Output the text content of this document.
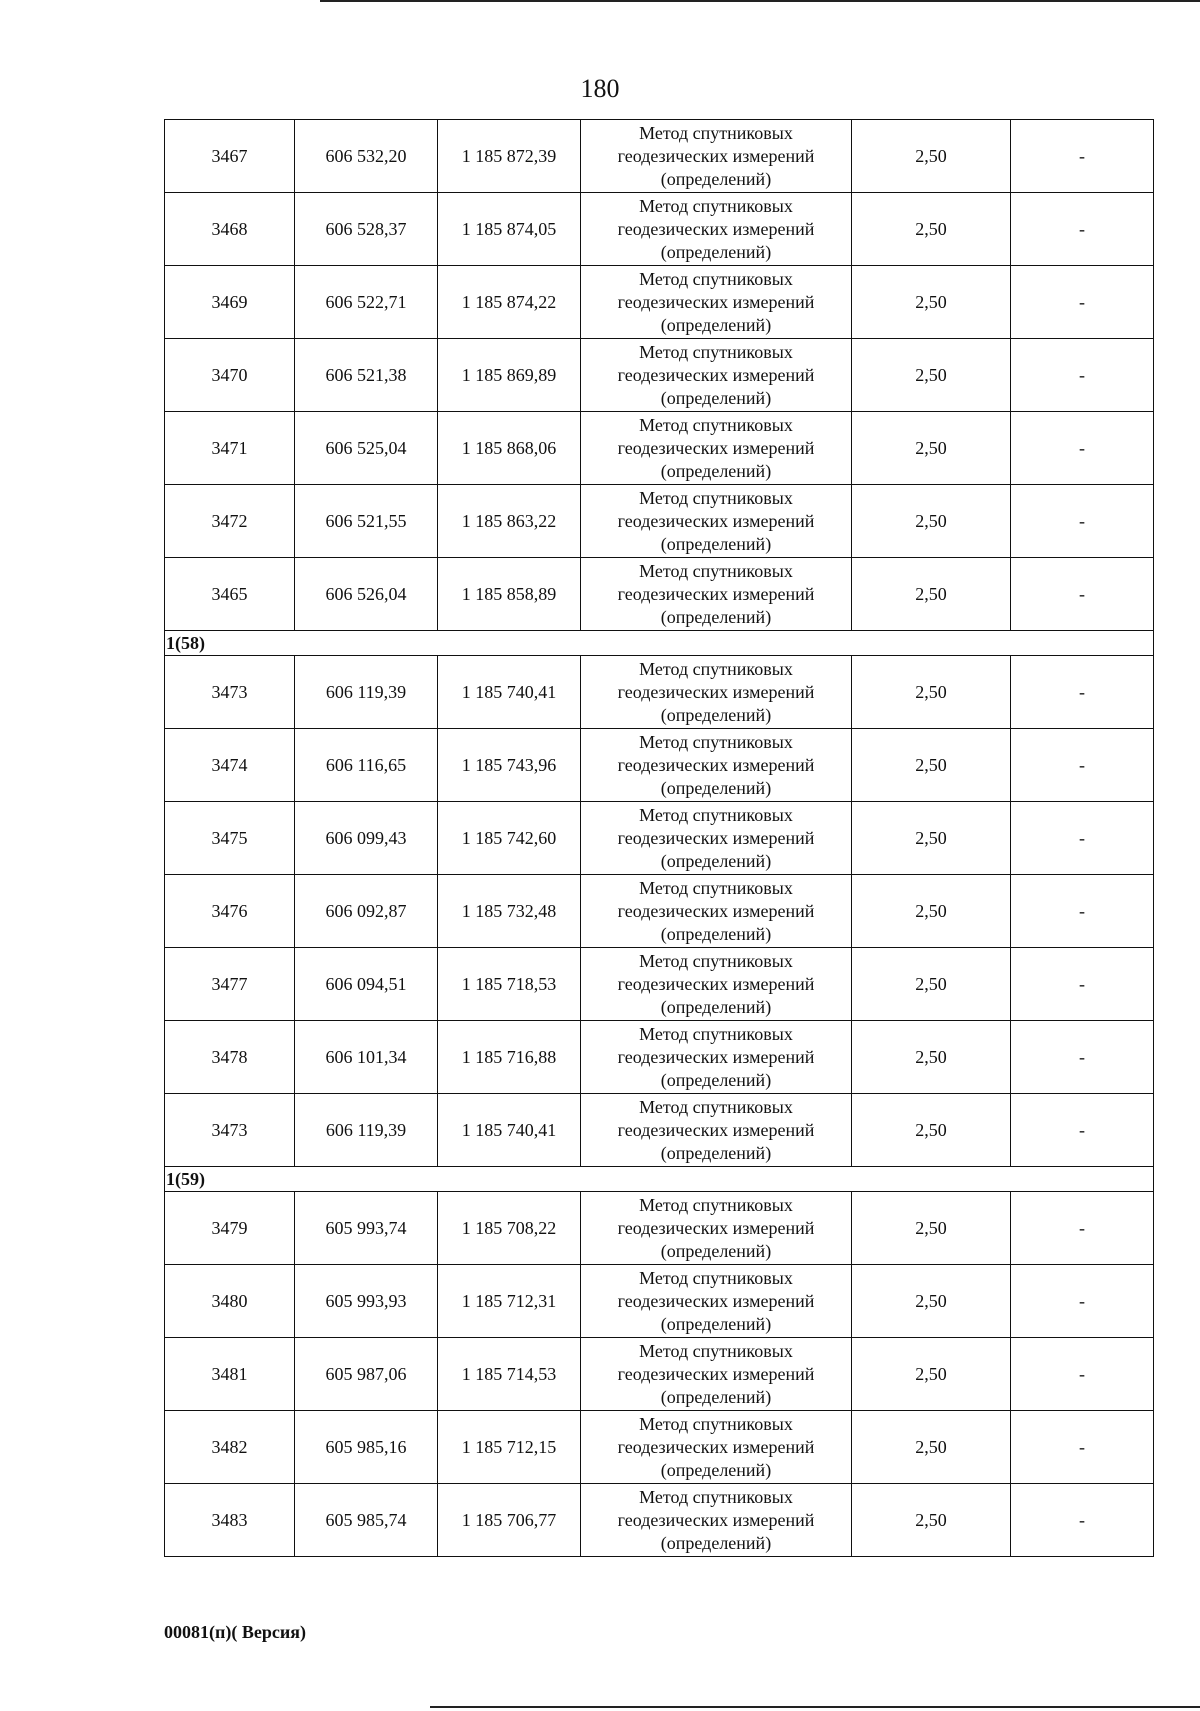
180
3467	606 532,20	1 185 872,39	Метод спутниковых
геодезических измерений
(определений)	2,50	-
3468	606 528,37	1 185 874,05	Метод спутниковых
геодезических измерений
(определений)	2,50	-
3469	606 522,71	1 185 874,22	Метод спутниковых
геодезических измерений
(определений)	2,50	-
3470	606 521,38	1 185 869,89	Метод спутниковых
геодезических измерений
(определений)	2,50	-
3471	606 525,04	1 185 868,06	Метод спутниковых
геодезических измерений
(определений)	2,50	-
3472	606 521,55	1 185 863,22	Метод спутниковых
геодезических измерений
(определений)	2,50	-
3465	606 526,04	1 185 858,89	Метод спутниковых
геодезических измерений
(определений)	2,50	-
1(58)					
3473	606 119,39	1 185 740,41	Метод спутниковых
геодезических измерений
(определений)	2,50	-
3474	606 116,65	1 185 743,96	Метод спутниковых
геодезических измерений
(определений)	2,50	-
3475	606 099,43	1 185 742,60	Метод спутниковых
геодезических измерений
(определений)	2,50	-
3476	606 092,87	1 185 732,48	Метод спутниковых
геодезических измерений
(определений)	2,50	-
3477	606 094,51	1 185 718,53	Метод спутниковых
геодезических измерений
(определений)	2,50	-
3478	606 101,34	1 185 716,88	Метод спутниковых
геодезических измерений
(определений)	2,50	-
3473	606 119,39	1 185 740,41	Метод спутниковых
геодезических измерений
(определений)	2,50	-
1(59)					
3479	605 993,74	1 185 708,22	Метод спутниковых
геодезических измерений
(определений)	2,50	-
3480	605 993,93	1 185 712,31	Метод спутниковых
геодезических измерений
(определений)	2,50	-
3481	605 987,06	1 185 714,53	Метод спутниковых
геодезических измерений
(определений)	2,50	-
3482	605 985,16	1 185 712,15	Метод спутниковых
геодезических измерений
(определений)	2,50	-
3483	605 985,74	1 185 706,77	Метод спутниковых
геодезических измерений
(определений)	2,50	-
00081(п)( Версия)
